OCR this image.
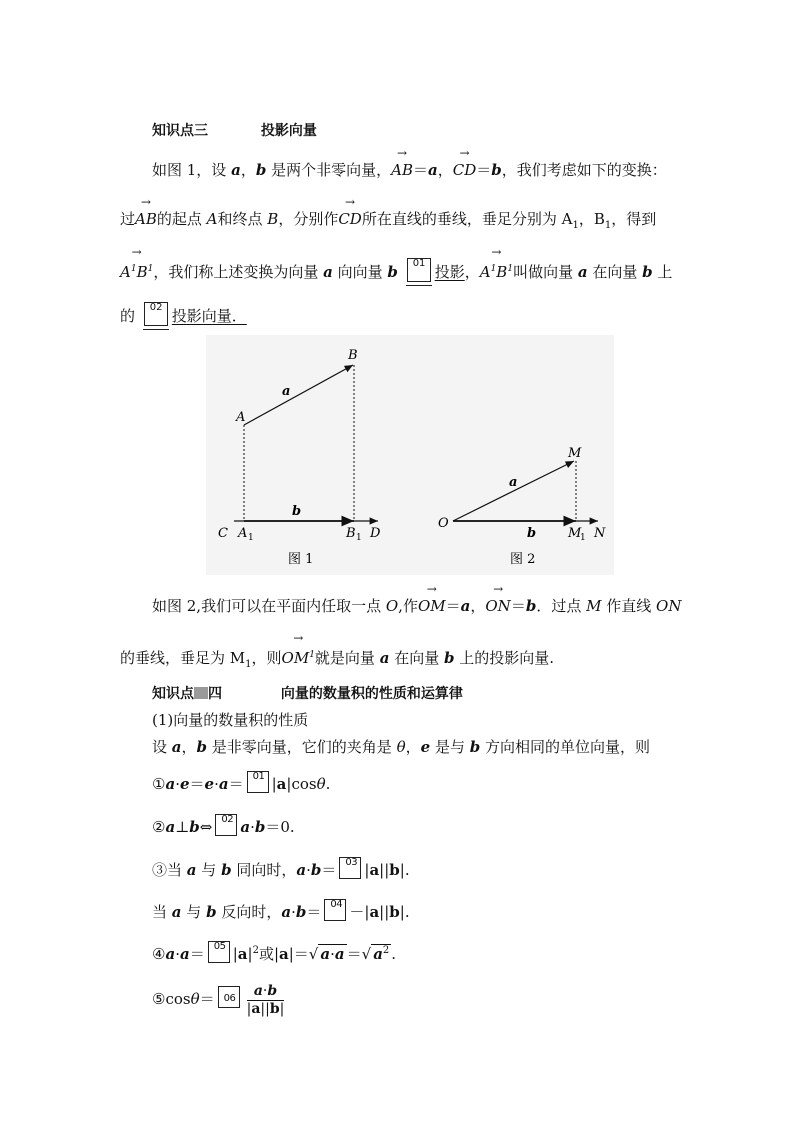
知识点三	投影向量
如图 1，设 a，b 是两个非零向量，→ AB＝a，→ CD＝b，我们考虑如下的变换：
过→ AB的起点 A和终点 B，分别作→ CD所在直线的垂线，垂足分别为 $A_1$，$B_1$，得到
→ $A^1B^1$，我们称上述变换为向量 a 向向量 b 01 投影，→ $A^1B^1$叫做向量 a 在向量 b 上
的 02 投影向量．
A
B
a
b
C A 1	B 1 D
图 1
O
M
a
b M
1 N
图 2
如图 2,我们可以在平面内任取一点 O,作→ OM＝a，→ ON＝b．过点 M 作直线 ON
的垂线，垂足为 $M_1$，则→ $OM^1$就是向量 a 在向量 b 上的投影向量.
知识点 四	向量的数量积的性质和运算律
(1)向量的数量积的性质
设 a，b 是非零向量，它们的夹角是 θ，e 是与 b 方向相同的单位向量，则
①a·e＝e·a＝ 01 |a|cosθ.
②a⊥b⇔ 02 a·b＝0.
③当 a 与 b 同向时，a·b＝ 03 |a||b|.
当 a 与 b 反向时，a·b＝ 04 －|a||b|.
④a·a＝ 05 $|a|^2$或|a|＝√ a·a ＝√ $a^2$ .
⑤cosθ＝ $06 \frac{a\cdot b}{|a||b|}$
